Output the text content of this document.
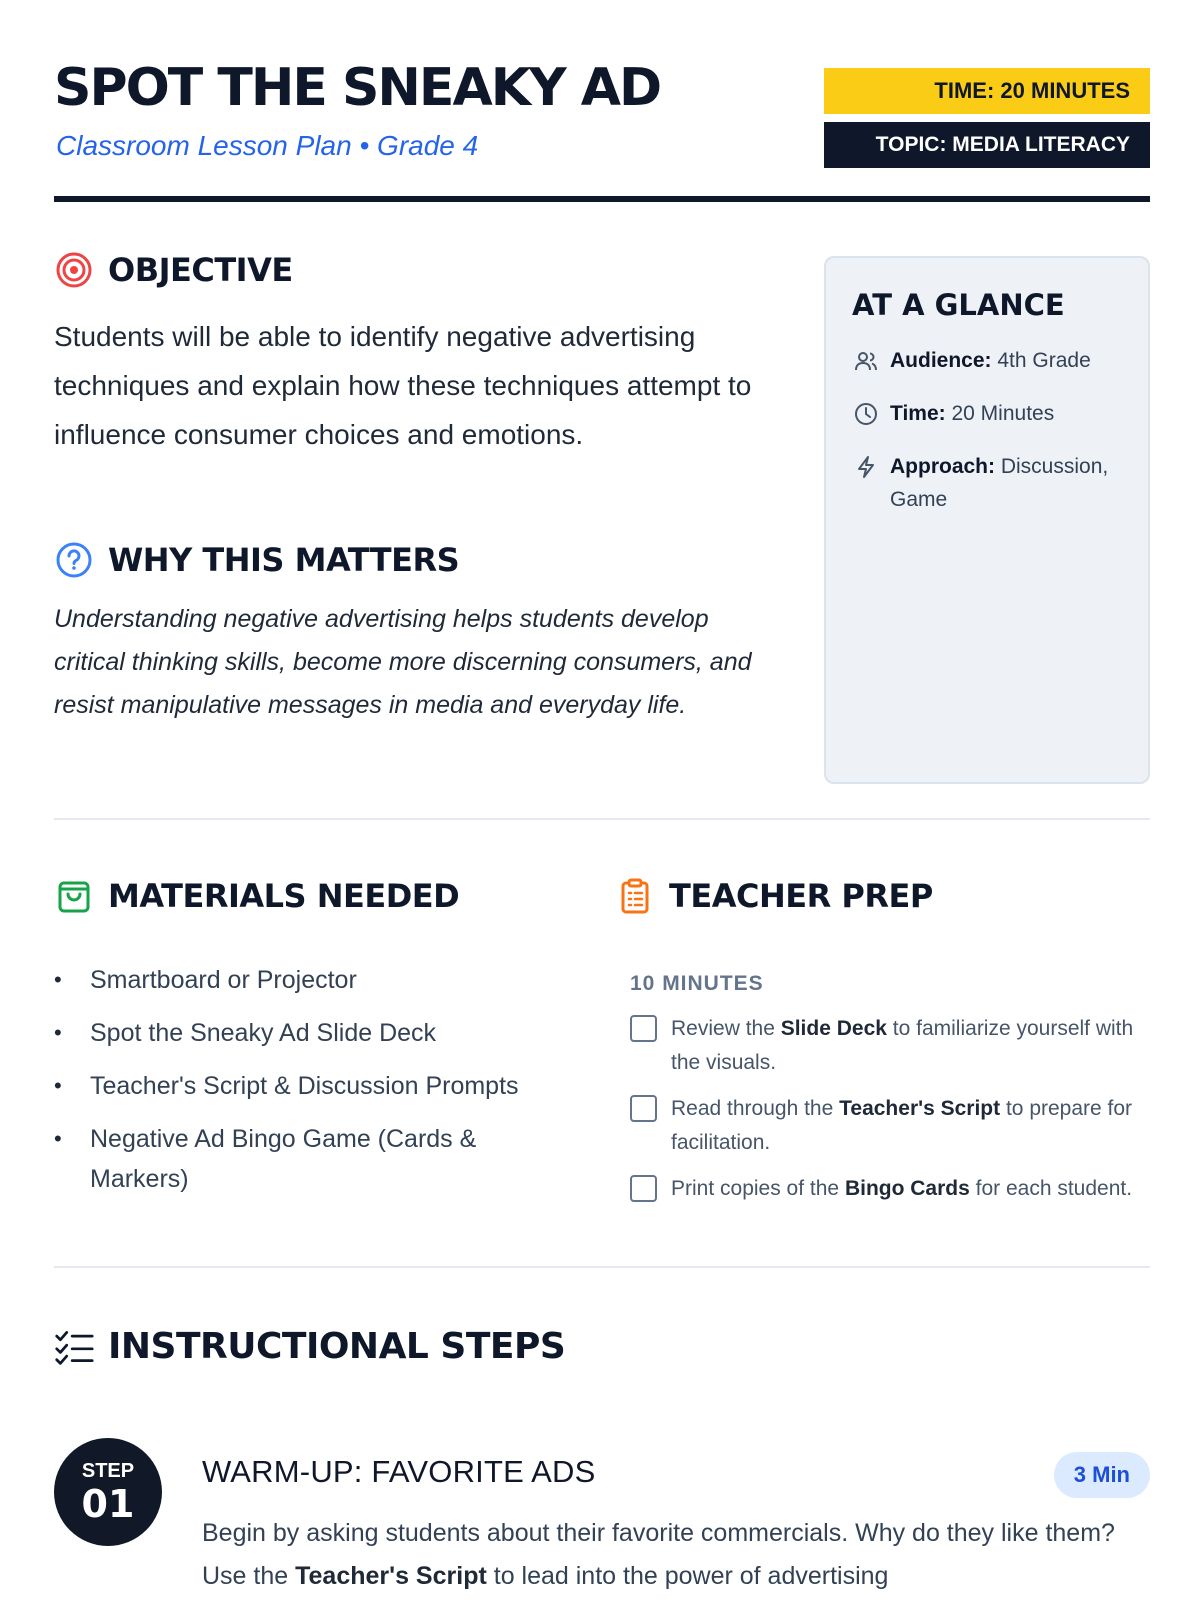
SPOT THE SNEAKY AD
Classroom Lesson Plan • Grade 4
TIME: 20 MINUTES
TOPIC: MEDIA LITERACY
OBJECTIVE

Students will be able to identify negative advertising techniques and explain how these techniques attempt to influence consumer choices and emotions.

WHY THIS MATTERS

Understanding negative advertising helps students develop critical thinking skills, become more discerning consumers, and resist manipulative messages in media and everyday life.

AT A GLANCE
Audience: 4th Grade
Time: 20 Minutes
Approach: Discussion, Game
MATERIALS NEEDED
• Smartboard or Projector
• Spot the Sneaky Ad Slide Deck
• Teacher's Script & Discussion Prompts
• Negative Ad Bingo Game (Cards & Markers)
TEACHER PREP
10 MINUTES
Review the Slide Deck to familiarize yourself with the visuals.
Read through the Teacher's Script to prepare for facilitation.
Print copies of the Bingo Cards for each student.
INSTRUCTIONAL STEPS
STEP
01
WARM-UP: FAVORITE ADS	3 Min

Begin by asking students about their favorite commercials. Why do they like them? Use the Teacher's Script to lead into the power of advertising
